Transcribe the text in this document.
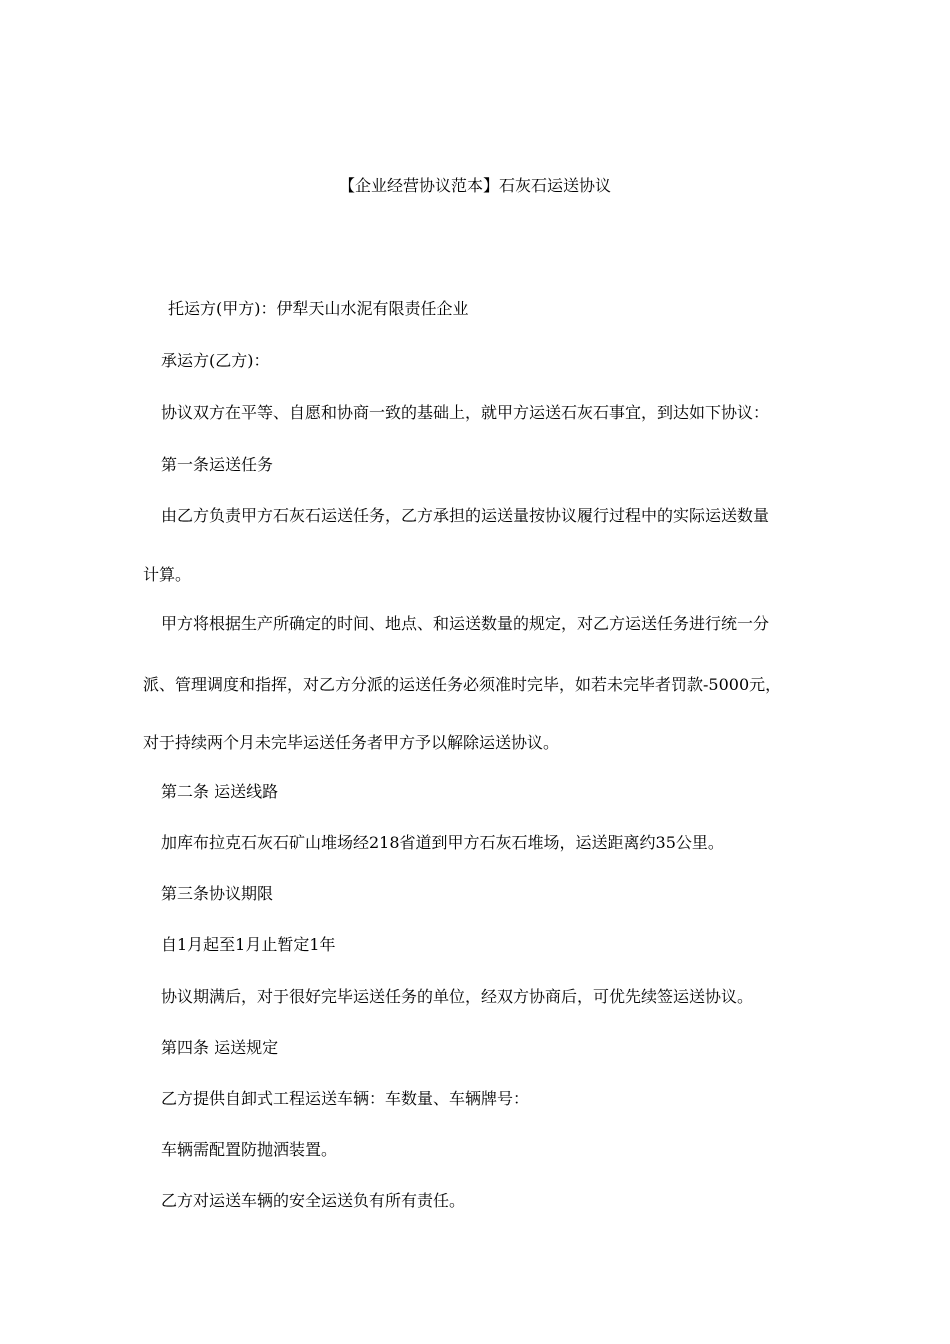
【企业经营协议范本】石灰石运送协议
托运方(甲方)：伊犁天山水泥有限责任企业
承运方(乙方)：
协议双方在平等、自愿和协商一致的基础上，就甲方运送石灰石事宜，到达如下协议：
第一条运送任务
由乙方负责甲方石灰石运送任务，乙方承担的运送量按协议履行过程中的实际运送数量
计算。
甲方将根据生产所确定的时间、地点、和运送数量的规定，对乙方运送任务进行统一分
派、管理调度和指挥，对乙方分派的运送任务必须准时完毕，如若未完毕者罚款-5000元，
对于持续两个月未完毕运送任务者甲方予以解除运送协议。
第二条 运送线路
加库布拉克石灰石矿山堆场经218省道到甲方石灰石堆场，运送距离约35公里。
第三条协议期限
自1月起至1月止暂定1年
协议期满后，对于很好完毕运送任务的单位，经双方协商后，可优先续签运送协议。
第四条 运送规定
乙方提供自卸式工程运送车辆：车数量、车辆牌号：
车辆需配置防抛洒装置。
乙方对运送车辆的安全运送负有所有责任。
